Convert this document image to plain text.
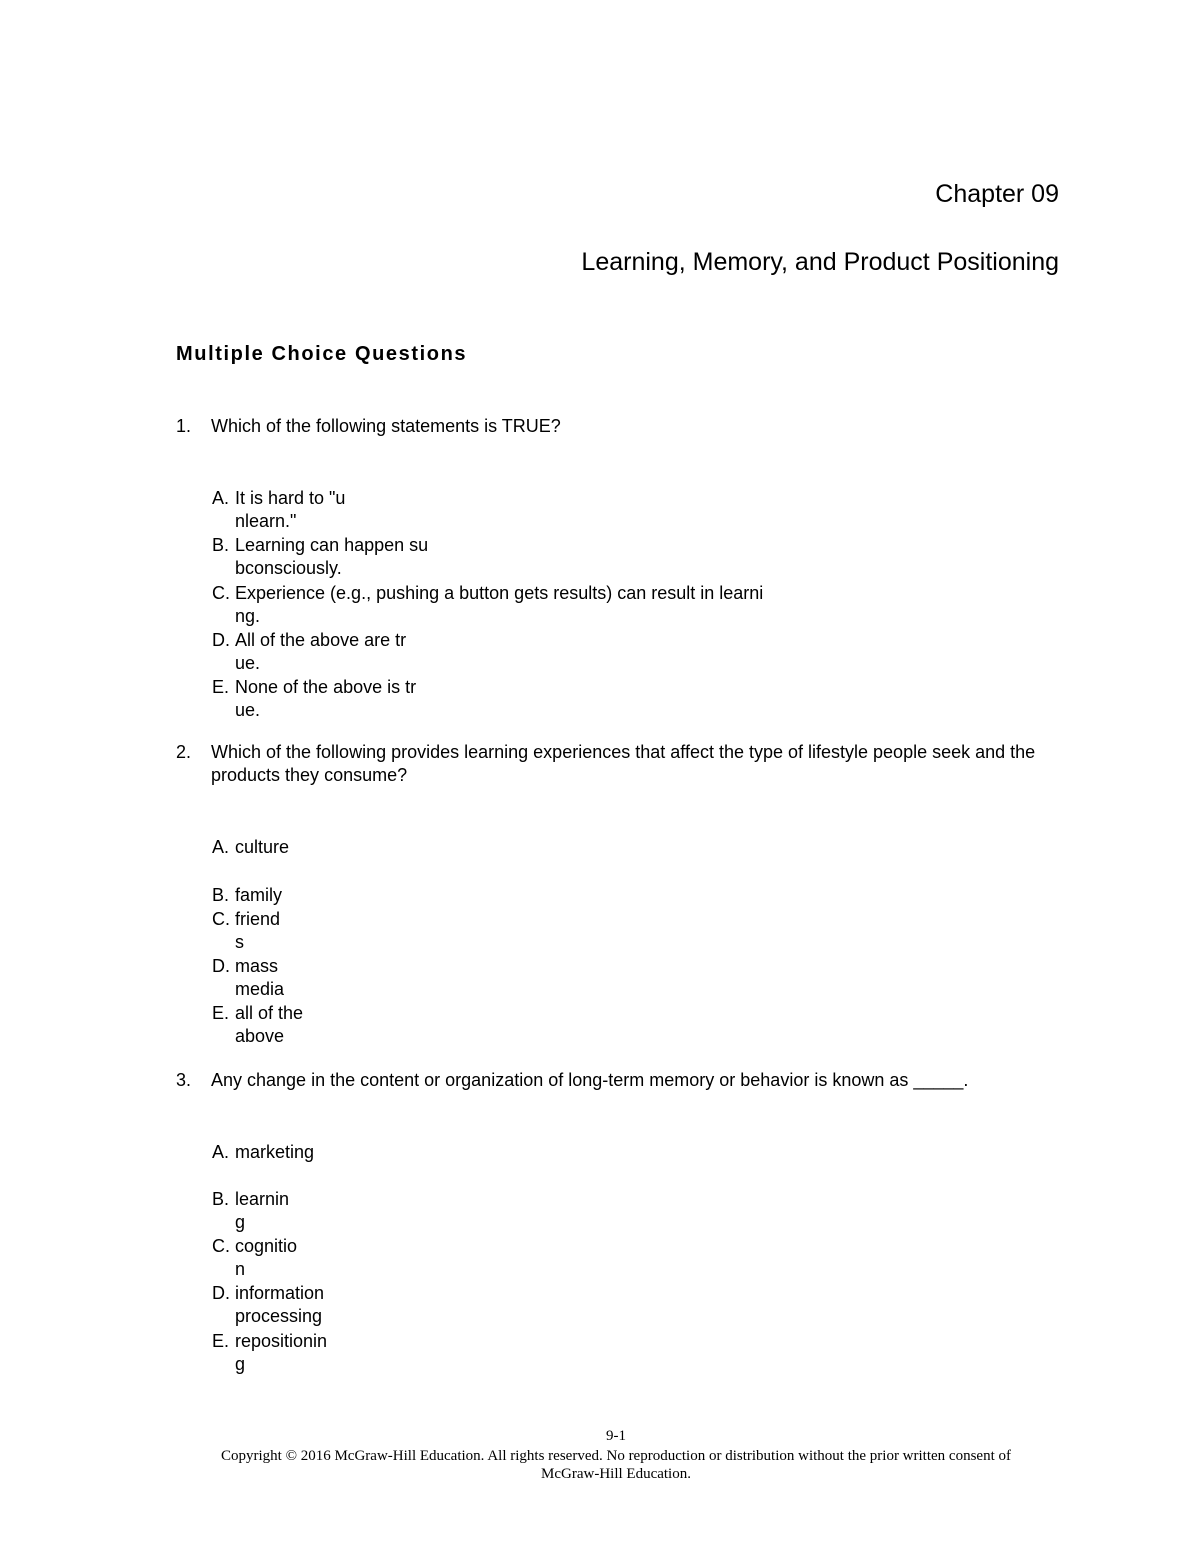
Chapter 09
Learning, Memory, and Product Positioning
Multiple Choice Questions
1. Which of the following statements is TRUE?
A. It is hard to "unlearn."
B. Learning can happen subconsciously.
C. Experience (e.g., pushing a button gets results) can result in learning.
D. All of the above are true.
E. None of the above is true.
2. Which of the following provides learning experiences that affect the type of lifestyle people seek and the products they consume?
A. culture
B. family
C. friends
D. mass media
E. all of the above
3. Any change in the content or organization of long-term memory or behavior is known as _____.
A. marketing
B. learning
C. cognition
D. information processing
E. repositioning
9-1
Copyright © 2016 McGraw-Hill Education. All rights reserved. No reproduction or distribution without the prior written consent of McGraw-Hill Education.
